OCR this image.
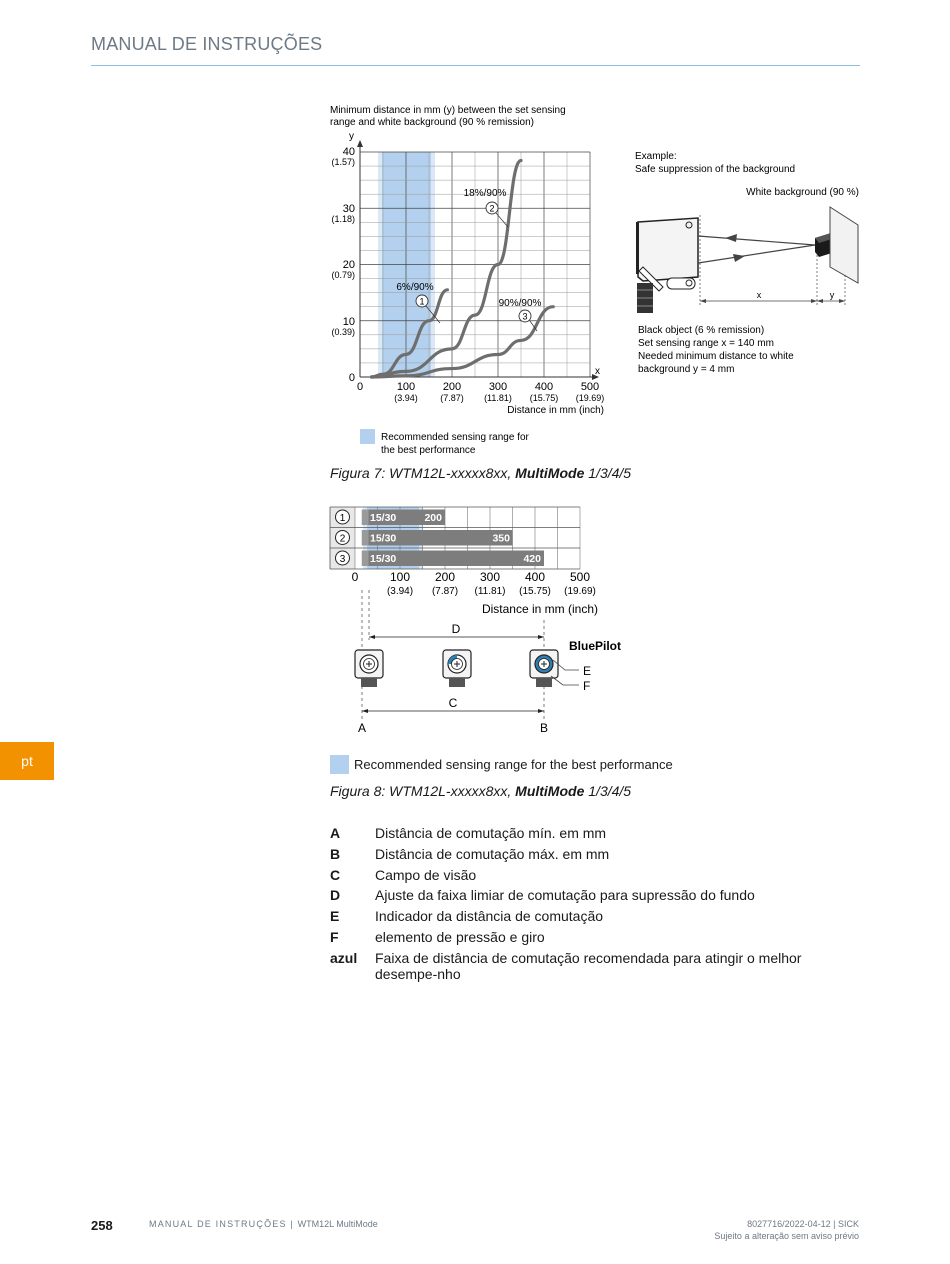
MANUAL DE INSTRUÇÕES
pt
Minimum distance in mm (y) between the set sensing
range and white background (90 % remission)
y
x
40
(1.57)
30
(1.18)
20
(0.79)
10
(0.39)
0
0	100
(3.94)
200
(7.87)
300
(11.81)
400
(15.75)
500
(19.69)
Distance in mm (inch)
6%/90%
1
18%/90%
2
90%/90%
3
Recommended sensing range for
the best performance
Example:
Safe suppression of the background
White background (90 %)
x	y
Black object (6 % remission)
Set sensing range x = 140 mm
Needed minimum distance to white
background y = 4 mm
Figura 7: WTM12L-xxxxx8xx, MultiMode 1/3/4/5
1
2
3
15/30	200
15/30	350
15/30	420
0	100
(3.94)
200
(7.87)
300
(11.81)
400
(15.75)
500
(19.69)
Distance in mm (inch)
D
BluePilot
E
F
C
A	B
Recommended sensing range for the best performance
Figura 8: WTM12L-xxxxx8xx, MultiMode 1/3/4/5
A	Distância de comutação mín. em mm
B	Distância de comutação máx. em mm
C	Campo de visão
D	Ajuste da faixa limiar de comutação para supressão do fundo
E	Indicador da distância de comutação
F	elemento de pressão e giro
azul	Faixa de distância de comutação recomendada para atingir o melhor desempe-nho
258	MANUAL DE INSTRUÇÕES | WTM12L MultiMode	8027716/2022-04-12 | SICK
Sujeito a alteração sem aviso prévio
